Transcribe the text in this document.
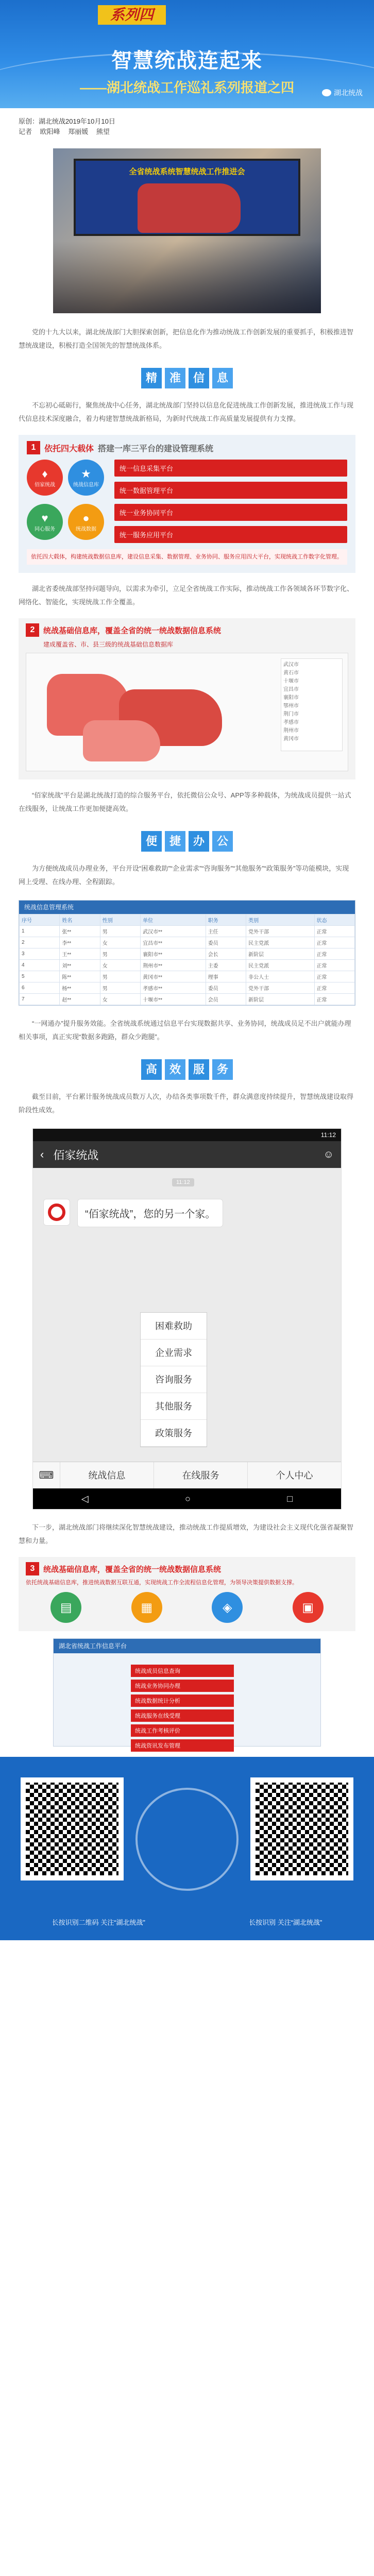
系列四
智慧统战连起来
——湖北统战工作巡礼系列报道之四	湖北统战
原创：湖北统战2019年10月10日
记者 欧阳峰 郑丽媛 熊望
全省统战系统智慧统战工作推进会

党的十九大以来，湖北统战部门大胆探索创新，把信息化作为推动统战工作创新发展的重要抓手，积极推进智慧统战建设，积极打造全国领先的智慧统战体系。

精	准	信	息

不忘初心砥砺行，聚焦统战中心任务，湖北统战部门坚持以信息化促进统战工作创新发展，推进统战工作与现代信息技术深度融合，着力构建智慧统战新格局，为新时代统战工作高质量发展提供有力支撑。

1	依托四大载体 搭建一库三平台的建设管理系统
♦
佰家统战
★
统战信息库
♥
同心服务
●
统战数据
统一信息采集平台
统一数据管理平台
统一业务协同平台
统一服务应用平台
依托四大载体，构建统战数据信息库，建设信息采集、数据管理、业务协同、服务应用四大平台，实现统战工作数字化管理。

湖北省委统战部坚持问题导向，以需求为牵引，立足全省统战工作实际，推动统战工作各领域各环节数字化、网络化、智能化，实现统战工作全覆盖。

2	统战基础信息库，覆盖全省的统一统战数据信息系统
建成覆盖省、市、县三级的统战基础信息数据库
武汉市
黄石市
十堰市
宜昌市
襄阳市
鄂州市
荆门市
孝感市
荆州市
黄冈市

“佰家统战”平台是湖北统战打造的综合服务平台，依托微信公众号、APP等多种载体，为统战成员提供一站式在线服务，让统战工作更加便捷高效。

便	捷	办	公

为方便统战成员办理业务，平台开设“困难救助”“企业需求”“咨询服务”“其他服务”“政策服务”等功能模块，实现网上受理、在线办理、全程跟踪。

统战信息管理系统
序号	姓名	性别	单位	职务	类别	状态
1	张**	男	武汉市**	主任	党外干部	正常
2	李**	女	宜昌市**	委员	民主党派	正常
3	王**	男	襄阳市**	会长	新阶层	正常
4	刘**	女	荆州市**	主委	民主党派	正常
5	陈**	男	黄冈市**	理事	非公人士	正常
6	杨**	男	孝感市**	委员	党外干部	正常
7	赵**	女	十堰市**	会员	新阶层	正常

“一网通办”提升服务效能。全省统战系统通过信息平台实现数据共享、业务协同，统战成员足不出户就能办理相关事项，真正实现“数据多跑路，群众少跑腿”。

高	效	服	务

截至目前，平台累计服务统战成员数万人次，办结各类事项数千件，群众满意度持续提升，智慧统战建设取得阶段性成效。

11:12
‹ 佰家统战	☺
11:12
“佰家统战”，您的另一个家。
困难救助
企业需求
咨询服务
其他服务
政策服务
⌨	统战信息	在线服务	个人中心
◁	○	□

下一步，湖北统战部门将继续深化智慧统战建设，推动统战工作提质增效，为建设社会主义现代化强省凝聚智慧和力量。

3	统战基础信息库，覆盖全省的统一统战数据信息系统
依托统战基础信息库，推进统战数据互联互通，实现统战工作全流程信息化管理，为领导决策提供数据支撑。
▤	▦	◈	▣
湖北省统战工作信息平台
统战成员信息查询
统战业务协同办理
统战数据统计分析
统战服务在线受理
统战工作考核评价
统战资讯发布管理
长按识别二维码 关注“湖北统战”	长按识别 关注“湖北统战”
